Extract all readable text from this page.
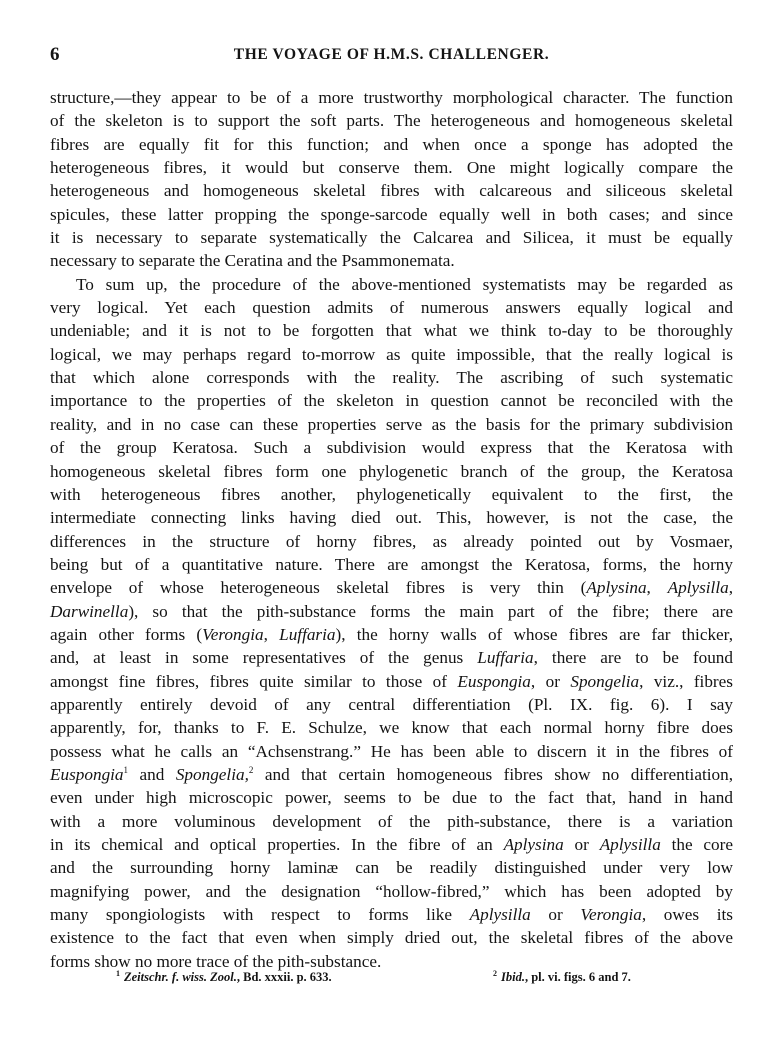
6	THE VOYAGE OF H.M.S. CHALLENGER.
structure,—they appear to be of a more trustworthy morphological character. The function
of the skeleton is to support the soft parts. The heterogeneous and homogeneous skeletal
fibres are equally fit for this function; and when once a sponge has adopted the
heterogeneous fibres, it would but conserve them. One might logically compare the
heterogeneous and homogeneous skeletal fibres with calcareous and siliceous skeletal
spicules, these latter propping the sponge-sarcode equally well in both cases; and since
it is necessary to separate systematically the Calcarea and Silicea, it must be equally
necessary to separate the Ceratina and the Psammonemata.
To sum up, the procedure of the above-mentioned systematists may be regarded as
very logical. Yet each question admits of numerous answers equally logical and
undeniable; and it is not to be forgotten that what we think to-day to be thoroughly
logical, we may perhaps regard to-morrow as quite impossible, that the really logical is
that which alone corresponds with the reality. The ascribing of such systematic
importance to the properties of the skeleton in question cannot be reconciled with the
reality, and in no case can these properties serve as the basis for the primary subdivision
of the group Keratosa. Such a subdivision would express that the Keratosa with
homogeneous skeletal fibres form one phylogenetic branch of the group, the Keratosa
with heterogeneous fibres another, phylogenetically equivalent to the first, the
intermediate connecting links having died out. This, however, is not the case, the
differences in the structure of horny fibres, as already pointed out by Vosmaer,
being but of a quantitative nature. There are amongst the Keratosa, forms, the horny
envelope of whose heterogeneous skeletal fibres is very thin (Aplysina, Aplysilla,
Darwinella), so that the pith-substance forms the main part of the fibre; there are
again other forms (Verongia, Luffaria), the horny walls of whose fibres are far thicker,
and, at least in some representatives of the genus Luffaria, there are to be found
amongst fine fibres, fibres quite similar to those of Euspongia, or Spongelia, viz., fibres
apparently entirely devoid of any central differentiation (Pl. IX. fig. 6). I say
apparently, for, thanks to F. E. Schulze, we know that each normal horny fibre does
possess what he calls an “Achsenstrang.” He has been able to discern it in the fibres of
Euspongia$^1$ and Spongelia,$^2$ and that certain homogeneous fibres show no differentiation,
even under high microscopic power, seems to be due to the fact that, hand in hand
with a more voluminous development of the pith-substance, there is a variation
in its chemical and optical properties. In the fibre of an Aplysina or Aplysilla the core
and the surrounding horny laminæ can be readily distinguished under very low
magnifying power, and the designation “hollow-fibred,” which has been adopted by
many spongiologists with respect to forms like Aplysilla or Verongia, owes its
existence to the fact that even when simply dried out, the skeletal fibres of the above
forms show no more trace of the pith-substance.
$^1$ Zeitschr. f. wiss. Zool., Bd. xxxii. p. 633.	$^2$ Ibid., pl. vi. figs. 6 and 7.
